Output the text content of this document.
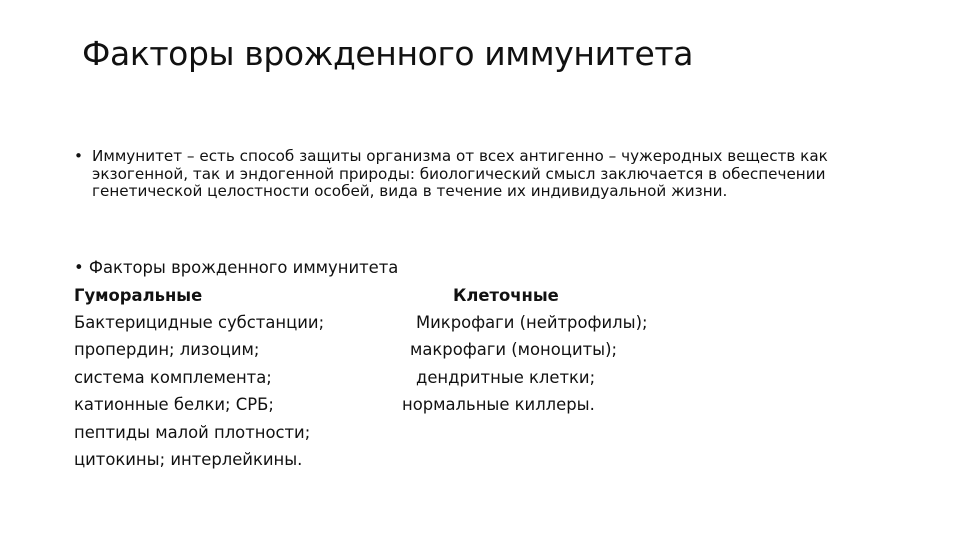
Факторы врожденного иммунитета
• Иммунитет – есть способ защиты организма от всех антигенно – чужеродных веществ как экзогенной, так и эндогенной природы: биологический смысл заключается в обеспечении генетической целостности особей, вида в течение их индивидуальной жизни.
• Факторы врожденного иммунитета
Гуморальные
Бактерицидные субстанции;
пропердин; лизоцим;
система комплемента;
катионные белки; СРБ;
пептиды малой плотности;
цитокины; интерлейкины.
Клеточные
Микрофаги (нейтрофилы);
макрофаги (моноциты);
дендритные клетки;
нормальные киллеры.
